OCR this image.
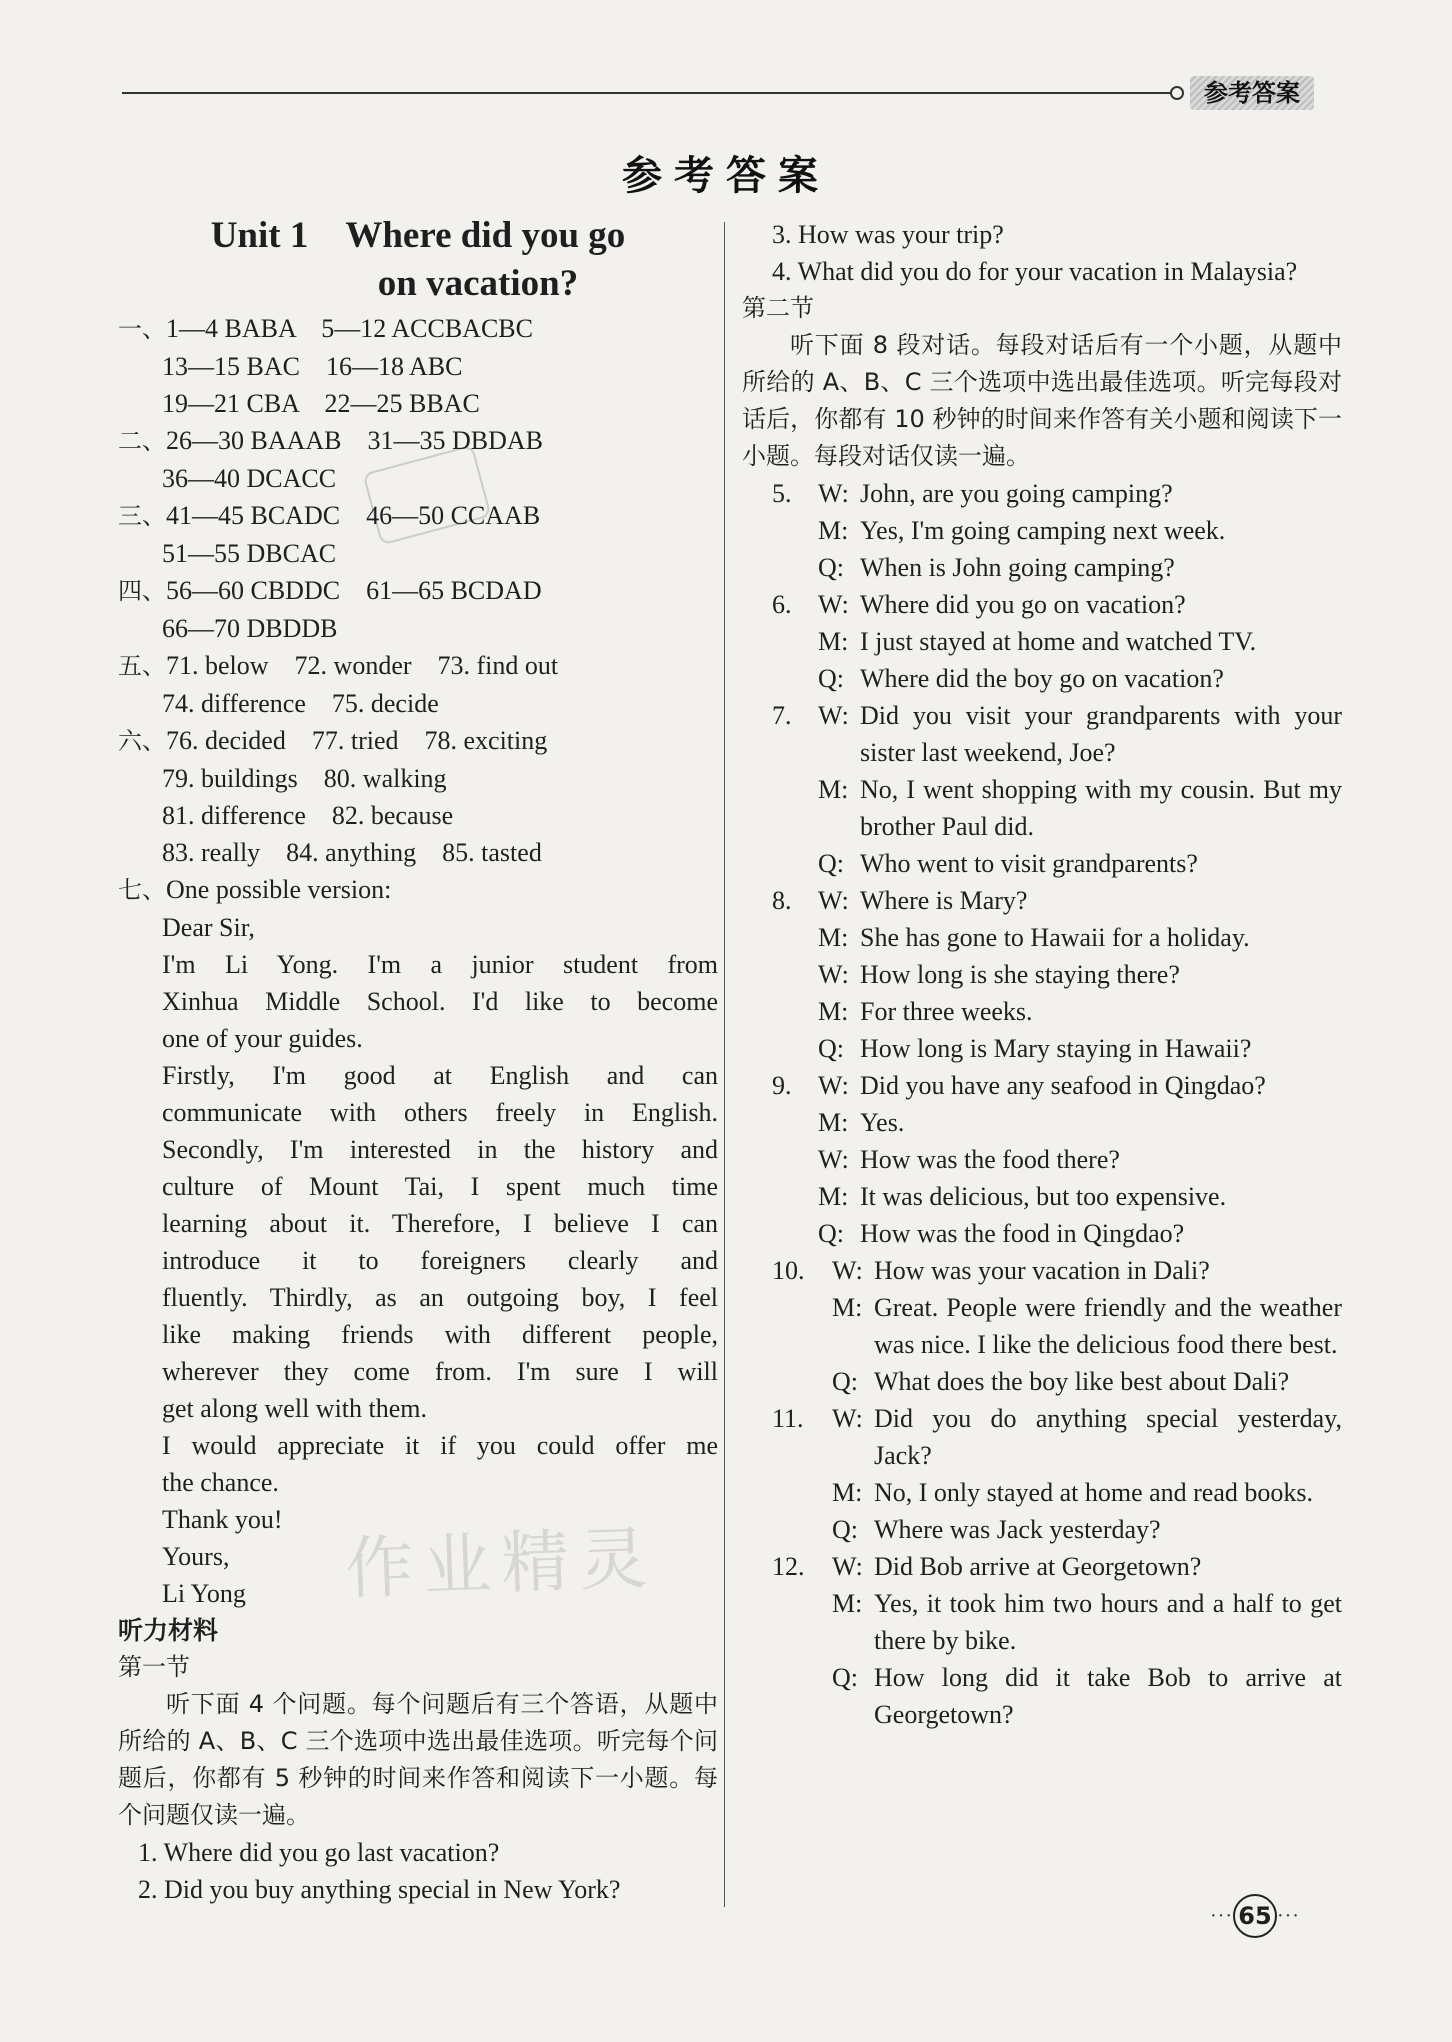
参考答案
参考答案
作业精灵
Unit 1　Where did you go
on vacation?
一、1—4 BABA　5—12 ACCBACBC
13—15 BAC　16—18 ABC
19—21 CBA　22—25 BBAC
二、26—30 BAAAB　31—35 DBDAB
36—40 DCACC
三、41—45 BCADC　46—50 CCAAB
51—55 DBCAC
四、56—60 CBDDC　61—65 BCDAD
66—70 DBDDB
五、71. below　72. wonder　73. find out
74. difference　75. decide
六、76. decided　77. tried　78. exciting
79. buildings　80. walking
81. difference　82. because
83. really　84. anything　85. tasted
七、One possible version:
Dear Sir,
I'm Li Yong. I'm a junior student from
Xinhua Middle School. I'd like to become
one of your guides.
Firstly, I'm good at English and can
communicate with others freely in English.
Secondly, I'm interested in the history and
culture of Mount Tai, I spent much time
learning about it. Therefore, I believe I can
introduce it to foreigners clearly and
fluently. Thirdly, as an outgoing boy, I feel
like making friends with different people,
wherever they come from. I'm sure I will
get along well with them.
I would appreciate it if you could offer me
the chance.
Thank you!
Yours,
Li Yong
听力材料
第一节
听下面 4 个问题。每个问题后有三个答语，从题中所给的 A、B、C 三个选项中选出最佳选项。听完每个问题后，你都有 5 秒钟的时间来作答和阅读下一小题。每个问题仅读一遍。
1. Where did you go last vacation?
2. Did you buy anything special in New York?
3. How was your trip?
4. What did you do for your vacation in Malaysia?
第二节
听下面 8 段对话。每段对话后有一个小题，从题中所给的 A、B、C 三个选项中选出最佳选项。听完每段对话后，你都有 10 秒钟的时间来作答有关小题和阅读下一小题。每段对话仅读一遍。
5.	W: John, are you going camping?
M: Yes, I'm going camping next week.
Q: When is John going camping?
6.	W: Where did you go on vacation?
M: I just stayed at home and watched TV.
Q: Where did the boy go on vacation?
7.	W: Did you visit your grandparents with your sister last weekend, Joe?
M: No, I went shopping with my cousin. But my brother Paul did.
Q: Who went to visit grandparents?
8.	W: Where is Mary?
M: She has gone to Hawaii for a holiday.
W: How long is she staying there?
M: For three weeks.
Q: How long is Mary staying in Hawaii?
9.	W: Did you have any seafood in Qingdao?
M: Yes.
W: How was the food there?
M: It was delicious, but too expensive.
Q: How was the food in Qingdao?
10.	W: How was your vacation in Dali?
M: Great. People were friendly and the weather was nice. I like the delicious food there best.
Q: What does the boy like best about Dali?
11.	W: Did you do anything special yesterday, Jack?
M: No, I only stayed at home and read books.
Q: Where was Jack yesterday?
12.	W: Did Bob arrive at Georgetown?
M: Yes, it took him two hours and a half to get there by bike.
Q: How long did it take Bob to arrive at Georgetown?
··· 65 ···
